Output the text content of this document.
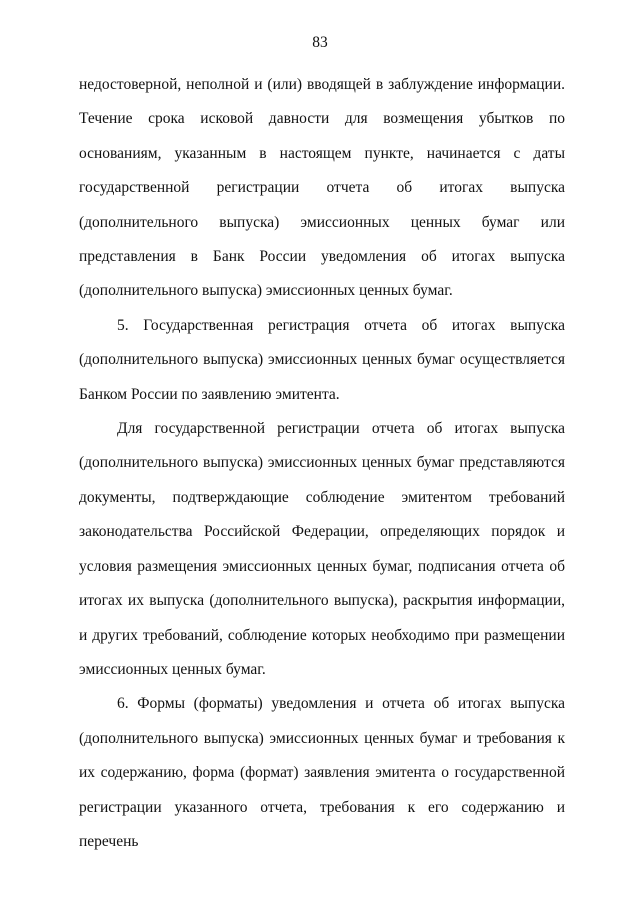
83

недостоверной, неполной и (или) вводящей в заблуждение информации. Течение срока исковой давности для возмещения убытков по основаниям, указанным в настоящем пункте, начинается с даты государственной регистрации отчета об итогах выпуска (дополнительного выпуска) эмиссионных ценных бумаг или представления в Банк России уведомления об итогах выпуска (дополнительного выпуска) эмиссионных ценных бумаг.

5. Государственная регистрация отчета об итогах выпуска (дополнительного выпуска) эмиссионных ценных бумаг осуществляется Банком России по заявлению эмитента.

Для государственной регистрации отчета об итогах выпуска (дополнительного выпуска) эмиссионных ценных бумаг представляются документы, подтверждающие соблюдение эмитентом требований законодательства Российской Федерации, определяющих порядок и условия размещения эмиссионных ценных бумаг, подписания отчета об итогах их выпуска (дополнительного выпуска), раскрытия информации, и других требований, соблюдение которых необходимо при размещении эмиссионных ценных бумаг.

6. Формы (форматы) уведомления и отчета об итогах выпуска (дополнительного выпуска) эмиссионных ценных бумаг и требования к их содержанию, форма (формат) заявления эмитента о государственной регистрации указанного отчета, требования к его содержанию и перечень
